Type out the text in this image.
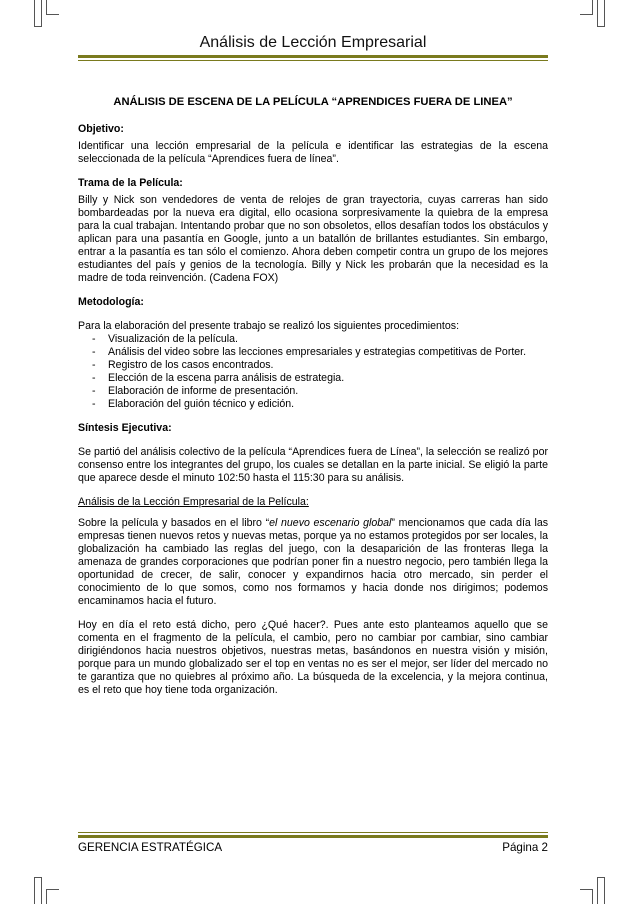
Análisis de Lección Empresarial
ANÁLISIS DE ESCENA DE LA PELÍCULA “APRENDICES FUERA DE LINEA”
Objetivo:
Identificar una lección empresarial de la película e identificar las estrategias de la escena seleccionada de la película “Aprendices fuera de línea”.
Trama de la Película:
Billy y Nick son vendedores de venta de relojes de gran trayectoria, cuyas carreras han sido bombardeadas por la nueva era digital, ello ocasiona sorpresivamente la quiebra de la empresa para la cual trabajan. Intentando probar que no son obsoletos, ellos desafían todos los obstáculos y aplican para una pasantía en Google, junto a un batallón de brillantes estudiantes. Sin embargo, entrar a la pasantía es tan sólo el comienzo. Ahora deben competir contra un grupo de los mejores estudiantes del país y genios de la tecnología. Billy y Nick les probarán que la necesidad es la madre de toda reinvención. (Cadena FOX)
Metodología:
Para la elaboración del presente trabajo se realizó los siguientes procedimientos:
- Visualización de la película.
- Análisis del video sobre las lecciones empresariales y estrategias competitivas de Porter.
- Registro de los casos encontrados.
- Elección de la escena parra análisis de estrategia.
- Elaboración de informe de presentación.
- Elaboración del guión técnico y edición.
Síntesis Ejecutiva:
Se partió del análisis colectivo de la película “Aprendices fuera de Línea”, la selección se realizó por consenso entre los integrantes del grupo, los cuales se detallan en la parte inicial. Se eligió la parte que aparece desde el minuto 102:50 hasta el 115:30 para su análisis.
Análisis de la Lección Empresarial de la Película:
Sobre la película y basados en el libro “el nuevo escenario global” mencionamos que cada día las empresas tienen nuevos retos y nuevas metas, porque ya no estamos protegidos por ser locales, la globalización ha cambiado las reglas del juego, con la desaparición de las fronteras llega la amenaza de grandes corporaciones que podrían poner fin a nuestro negocio, pero también llega la oportunidad de crecer, de salir, conocer y expandirnos hacia otro mercado, sin perder el conocimiento de lo que somos, como nos formamos y hacia donde nos dirigimos; podemos encaminamos hacia el futuro.
Hoy en día el reto está dicho, pero ¿Qué hacer?. Pues ante esto planteamos aquello que se comenta en el fragmento de la película, el cambio, pero no cambiar por cambiar, sino cambiar dirigiéndonos hacia nuestros objetivos, nuestras metas, basándonos en nuestra visión y misión, porque para un mundo globalizado ser el top en ventas no es ser el mejor, ser líder del mercado no te garantiza que no quiebres al próximo año. La búsqueda de la excelencia, y la mejora continua, es el reto que hoy tiene toda organización.
GERENCIA ESTRATÉGICA	Página 2
